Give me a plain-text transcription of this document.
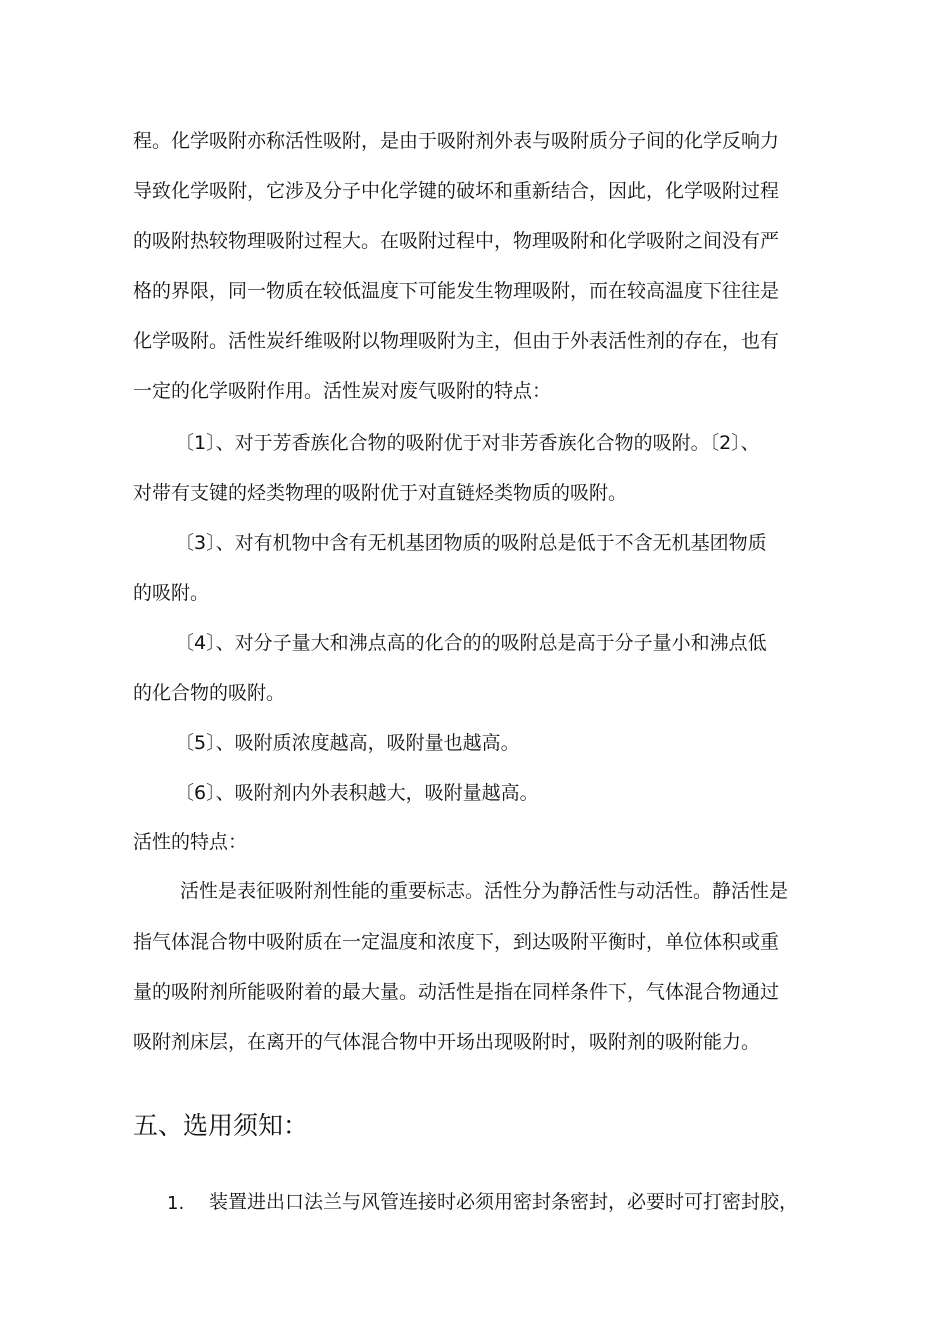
程。化学吸附亦称活性吸附，是由于吸附剂外表与吸附质分子间的化学反响力
导致化学吸附，它涉及分子中化学键的破坏和重新结合，因此，化学吸附过程
的吸附热较物理吸附过程大。在吸附过程中，物理吸附和化学吸附之间没有严
格的界限，同一物质在较低温度下可能发生物理吸附，而在较高温度下往往是
化学吸附。活性炭纤维吸附以物理吸附为主，但由于外表活性剂的存在，也有
一定的化学吸附作用。活性炭对废气吸附的特点：
〔1〕、对于芳香族化合物的吸附优于对非芳香族化合物的吸附。〔2〕、
对带有支键的烃类物理的吸附优于对直链烃类物质的吸附。
〔3〕、对有机物中含有无机基团物质的吸附总是低于不含无机基团物质
的吸附。
〔4〕、对分子量大和沸点高的化合的的吸附总是高于分子量小和沸点低
的化合物的吸附。
〔5〕、吸附质浓度越高，吸附量也越高。
〔6〕、吸附剂内外表积越大，吸附量越高。
活性的特点：
活性是表征吸附剂性能的重要标志。活性分为静活性与动活性。静活性是
指气体混合物中吸附质在一定温度和浓度下，到达吸附平衡时，单位体积或重
量的吸附剂所能吸附着的最大量。动活性是指在同样条件下，气体混合物通过
吸附剂床层，在离开的气体混合物中开场出现吸附时，吸附剂的吸附能力。
五、选用须知：
1. 装置进出口法兰与风管连接时必须用密封条密封，必要时可打密封胶，
